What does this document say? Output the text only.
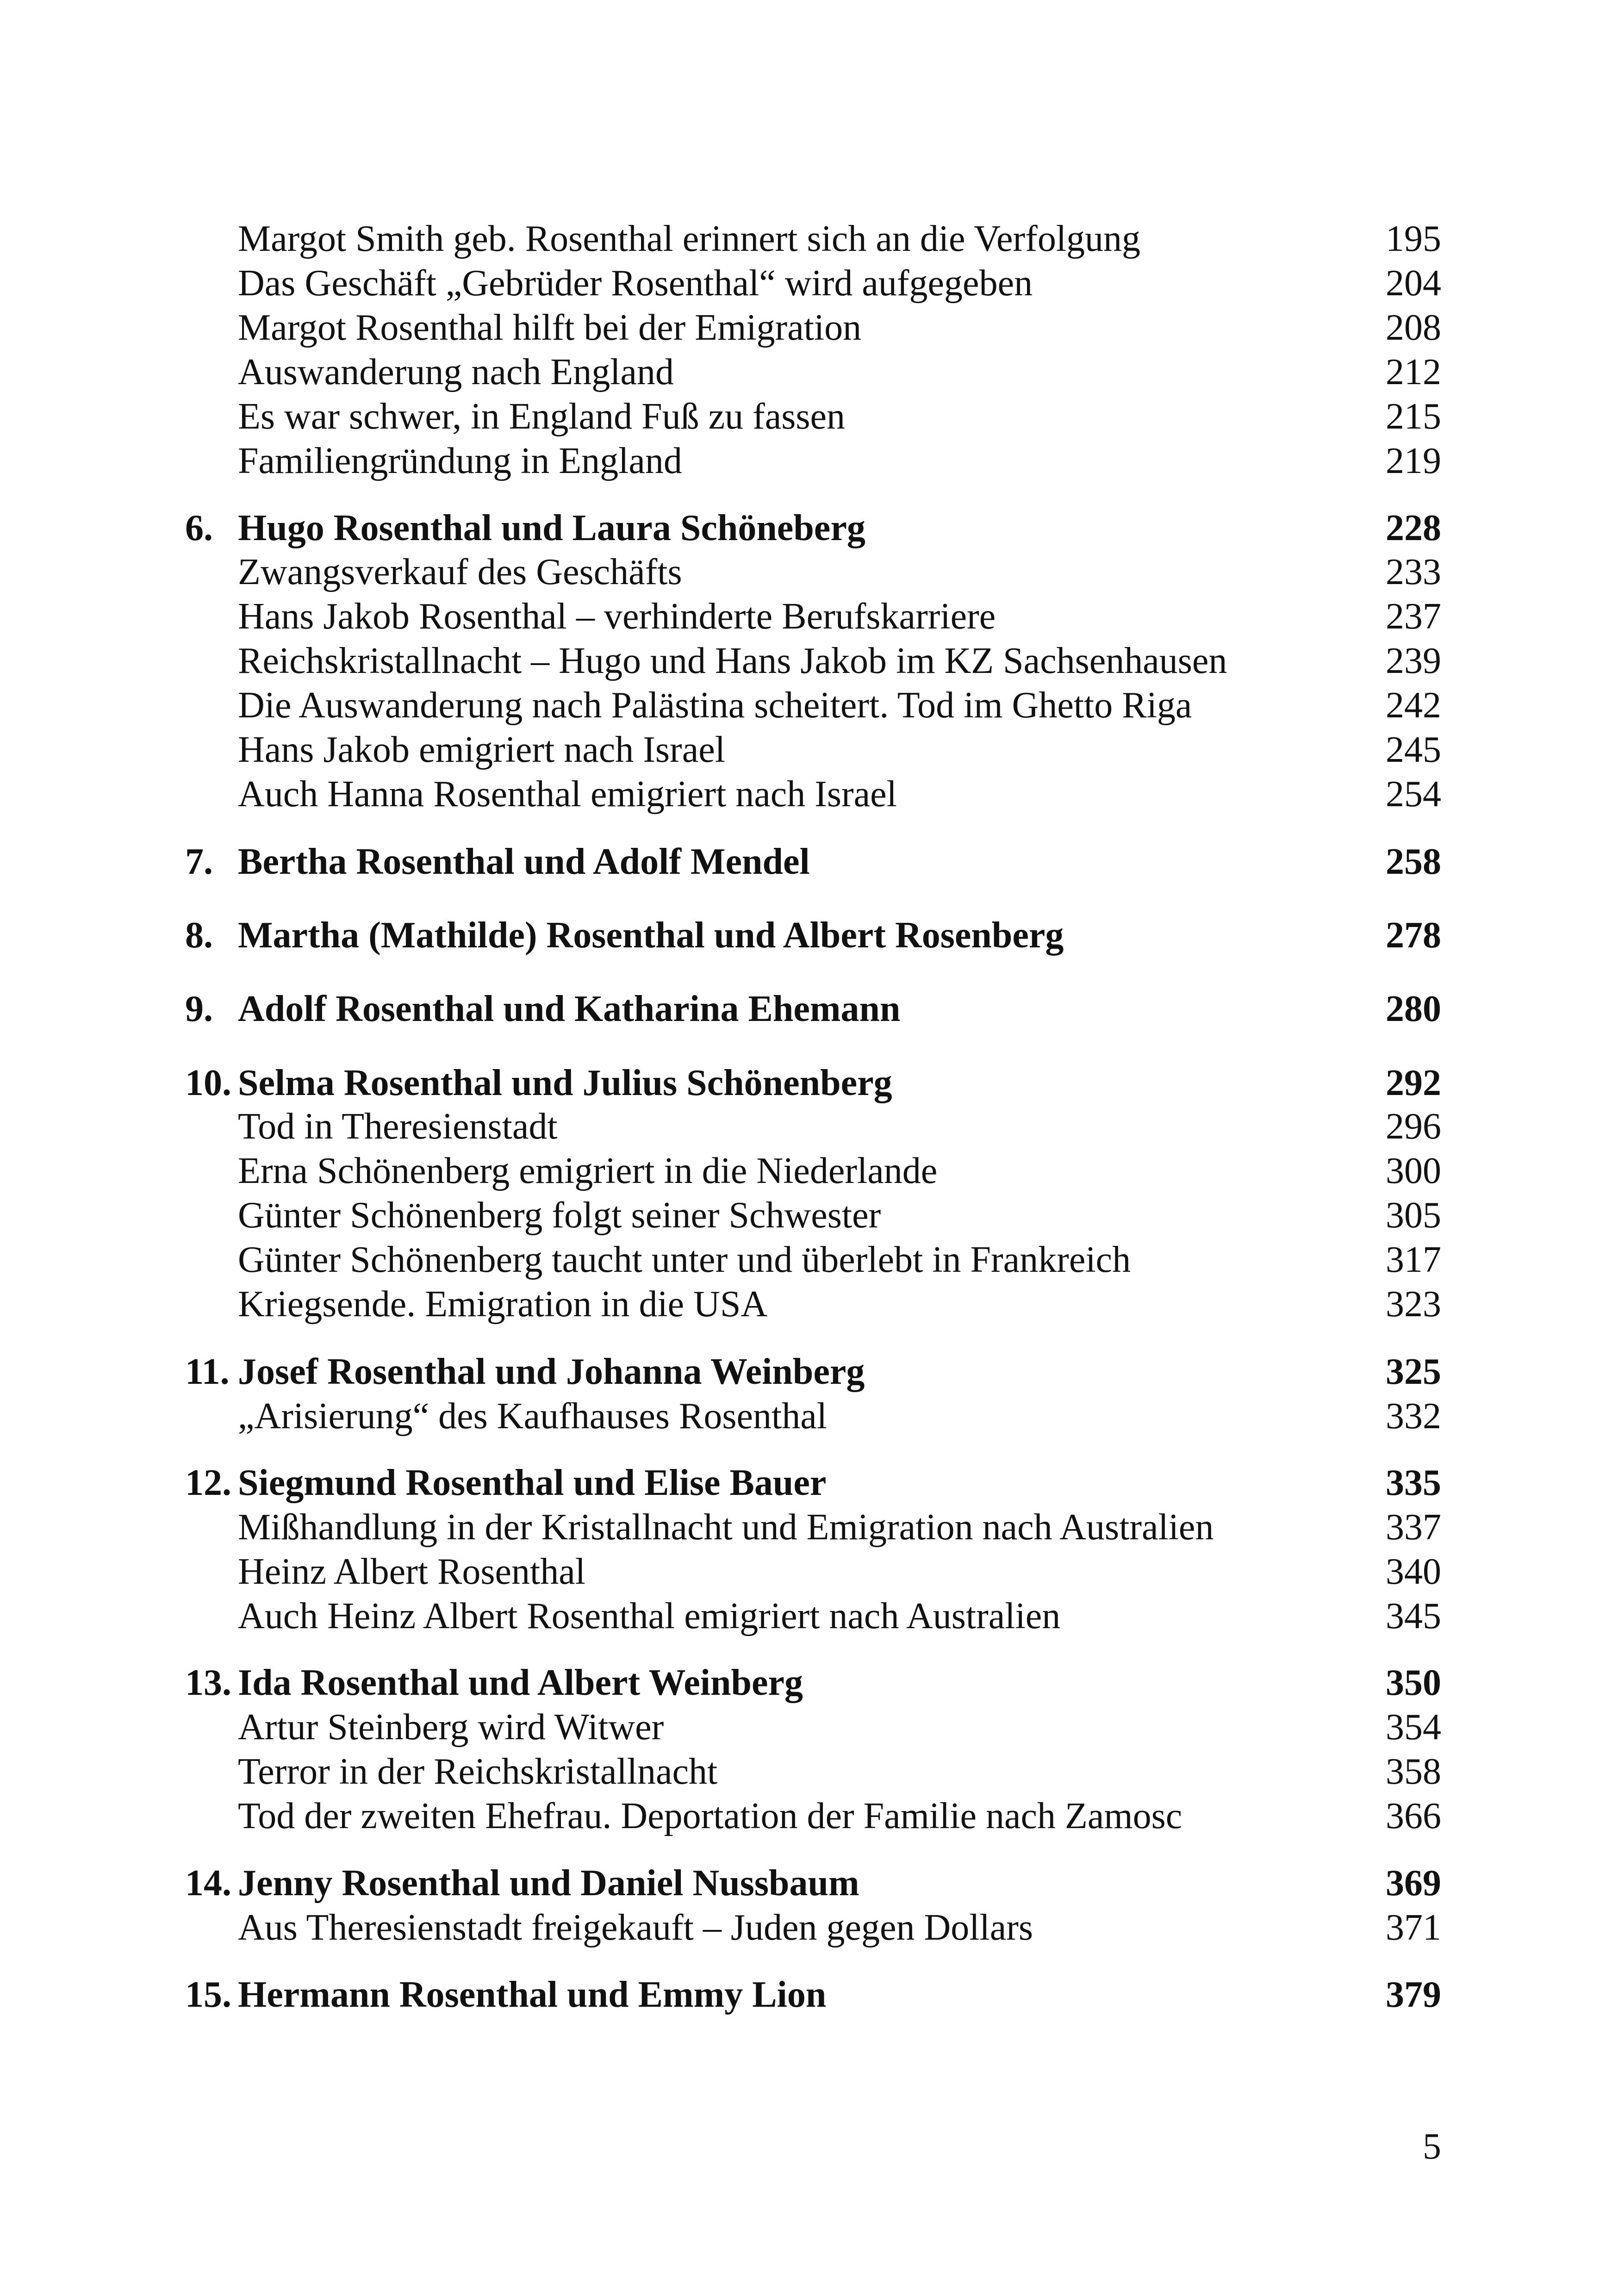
Margot Smith geb. Rosenthal erinnert sich an die Verfolgung	195
Das Geschäft „Gebrüder Rosenthal“ wird aufgegeben	204
Margot Rosenthal hilft bei der Emigration	208
Auswanderung nach England	212
Es war schwer, in England Fuß zu fassen	215
Familiengründung in England	219
6. Hugo Rosenthal und Laura Schöneberg	228
Zwangsverkauf des Geschäfts	233
Hans Jakob Rosenthal – verhinderte Berufskarriere	237
Reichskristallnacht – Hugo und Hans Jakob im KZ Sachsenhausen	239
Die Auswanderung nach Palästina scheitert. Tod im Ghetto Riga	242
Hans Jakob emigriert nach Israel	245
Auch Hanna Rosenthal emigriert nach Israel	254
7. Bertha Rosenthal und Adolf Mendel	258
8. Martha (Mathilde) Rosenthal und Albert Rosenberg	278
9. Adolf Rosenthal und Katharina Ehemann	280
10. Selma Rosenthal und Julius Schönenberg	292
Tod in Theresienstadt	296
Erna Schönenberg emigriert in die Niederlande	300
Günter Schönenberg folgt seiner Schwester	305
Günter Schönenberg taucht unter und überlebt in Frankreich	317
Kriegsende. Emigration in die USA	323
11. Josef Rosenthal und Johanna Weinberg	325
„Arisierung“ des Kaufhauses Rosenthal	332
12. Siegmund Rosenthal und Elise Bauer	335
Mißhandlung in der Kristallnacht und Emigration nach Australien	337
Heinz Albert Rosenthal	340
Auch Heinz Albert Rosenthal emigriert nach Australien	345
13. Ida Rosenthal und Albert Weinberg	350
Artur Steinberg wird Witwer	354
Terror in der Reichskristallnacht	358
Tod der zweiten Ehefrau. Deportation der Familie nach Zamosc	366
14. Jenny Rosenthal und Daniel Nussbaum	369
Aus Theresienstadt freigekauft – Juden gegen Dollars	371
15. Hermann Rosenthal und Emmy Lion	379
5
